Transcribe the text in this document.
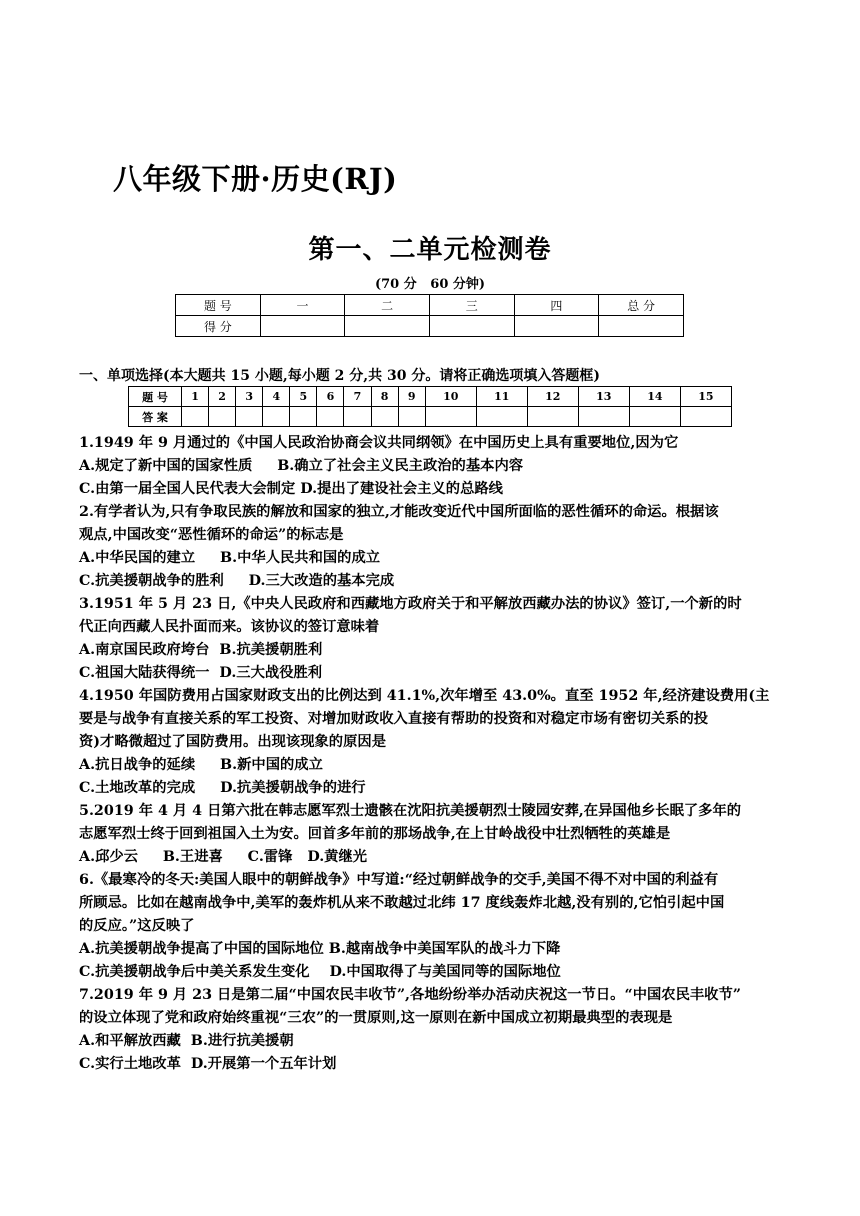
八年级下册·历史(RJ)
第一、二单元检测卷
(70 分   60 分钟)
题 号	一	二	三	四	总 分
得 分					
一、单项选择(本大题共 15 小题,每小题 2 分,共 30 分。请将正确选项填入答题框)
题 号	1	2	3	4	5	6	7	8	9	10	11	12	13	14	15
答 案															

1.1949 年 9 月通过的《中国人民政治协商会议共同纲领》在中国历史上具有重要地位,因为它

A.规定了新中国的国家性质     B.确立了社会主义民主政治的基本内容

C.由第一届全国人民代表大会制定 D.提出了建设社会主义的总路线

2.有学者认为,只有争取民族的解放和国家的独立,才能改变近代中国所面临的恶性循环的命运。根据该

观点,中国改变“恶性循环的命运”的标志是

A.中华民国的建立     B.中华人民共和国的成立

C.抗美援朝战争的胜利     D.三大改造的基本完成

3.1951 年 5 月 23 日,《中央人民政府和西藏地方政府关于和平解放西藏办法的协议》签订,一个新的时

代正向西藏人民扑面而来。该协议的签订意味着

A.南京国民政府垮台  B.抗美援朝胜利

C.祖国大陆获得统一  D.三大战役胜利

4.1950 年国防费用占国家财政支出的比例达到 41.1%,次年增至 43.0%。直至 1952 年,经济建设费用(主

要是与战争有直接关系的军工投资、对增加财政收入直接有帮助的投资和对稳定市场有密切关系的投

资)才略微超过了国防费用。出现该现象的原因是

A.抗日战争的延续     B.新中国的成立

C.土地改革的完成     D.抗美援朝战争的进行

5.2019 年 4 月 4 日第六批在韩志愿军烈士遗骸在沈阳抗美援朝烈士陵园安葬,在异国他乡长眠了多年的

志愿军烈士终于回到祖国入土为安。回首多年前的那场战争,在上甘岭战役中壮烈牺牲的英雄是

A.邱少云     B.王进喜     C.雷锋   D.黄继光

6.《最寒冷的冬天:美国人眼中的朝鲜战争》中写道:“经过朝鲜战争的交手,美国不得不对中国的利益有

所顾忌。比如在越南战争中,美军的轰炸机从来不敢越过北纬 17 度线轰炸北越,没有别的,它怕引起中国

的反应。”这反映了

A.抗美援朝战争提高了中国的国际地位 B.越南战争中美国军队的战斗力下降

C.抗美援朝战争后中美关系发生变化    D.中国取得了与美国同等的国际地位

7.2019 年 9 月 23 日是第二届“中国农民丰收节”,各地纷纷举办活动庆祝这一节日。“中国农民丰收节”

的设立体现了党和政府始终重视“三农”的一贯原则,这一原则在新中国成立初期最典型的表现是

A.和平解放西藏  B.进行抗美援朝

C.实行土地改革  D.开展第一个五年计划
